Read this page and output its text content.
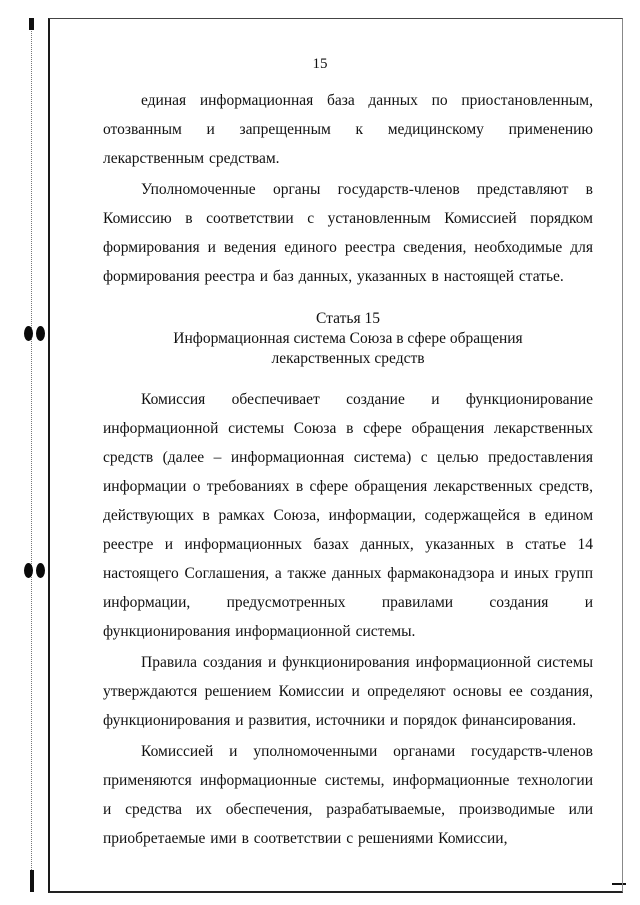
15

единая информационная база данных по приостановленным, отозванным и запрещенным к медицинскому применению лекарственным средствам.

Уполномоченные органы государств-членов представляют в Комиссию в соответствии с установленным Комиссией порядком формирования и ведения единого реестра сведения, необходимые для формирования реестра и баз данных, указанных в настоящей статье.

Статья 15
Информационная система Союза в сфере обращения
лекарственных средств

Комиссия обеспечивает создание и функционирование информационной системы Союза в сфере обращения лекарственных средств (далее – информационная система) с целью предоставления информации о требованиях в сфере обращения лекарственных средств, действующих в рамках Союза, информации, содержащейся в едином реестре и информационных базах данных, указанных в статье 14 настоящего Соглашения, а также данных фармаконадзора и иных групп информации, предусмотренных правилами создания и функционирования информационной системы.

Правила создания и функционирования информационной системы утверждаются решением Комиссии и определяют основы ее создания, функционирования и развития, источники и порядок финансирования.

Комиссией и уполномоченными органами государств-членов применяются информационные системы, информационные технологии и средства их обеспечения, разрабатываемые, производимые или приобретаемые ими в соответствии с решениями Комиссии,
